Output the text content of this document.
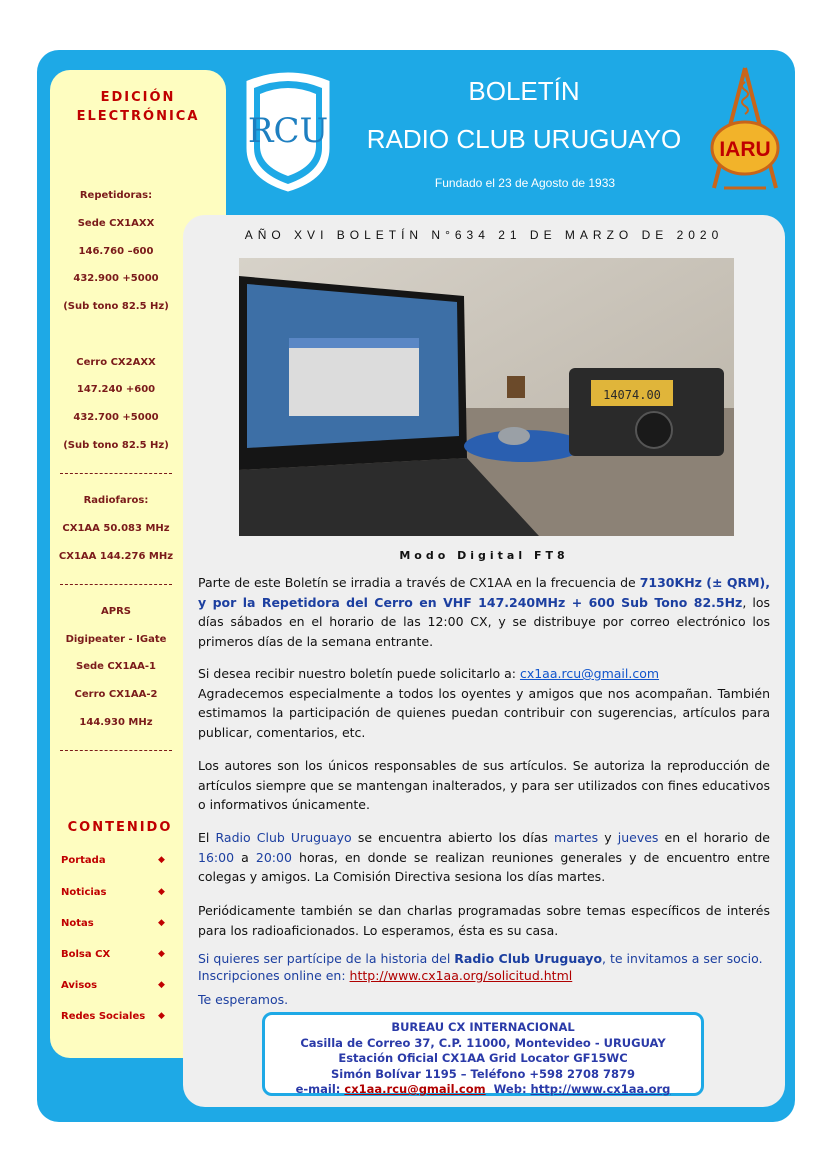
EDICIÓN
ELECTRÓNICA
Repetidoras:
Sede CX1AXX
146.760 –600
432.900 +5000
(Sub tono 82.5 Hz)
Cerro CX2AXX
147.240 +600
432.700 +5000
(Sub tono 82.5 Hz)
Radiofaros:
CX1AA 50.083 MHz
CX1AA 144.276 MHz
APRS
Digipeater - IGate
Sede CX1AA-1
Cerro CX1AA-2
144.930 MHz
CONTENIDO
Portada	◆
Noticias	◆
Notas	◆
Bolsa CX	◆
Avisos	◆
Redes Sociales ◆
RCU
BOLETÍN
RADIO CLUB URUGUAYO
Fundado el 23 de Agosto de 1933
IARU
AÑO XVI BOLETÍN N°634 21 DE MARZO DE 2020
14074.00
Modo Digital FT8
Parte de este Boletín se irradia a través de CX1AA en la frecuencia de 7130KHz (± QRM), y por la Repetidora del Cerro en VHF 147.240MHz + 600 Sub Tono 82.5Hz, los días sábados en el horario de las 12:00 CX, y se distribuye por correo electrónico los primeros días de la semana entrante.
Si desea recibir nuestro boletín puede solicitarlo a: cx1aa.rcu@gmail.com
Agradecemos especialmente a todos los oyentes y amigos que nos acompañan. También estimamos la participación de quienes puedan contribuir con sugerencias, artículos para publicar, comentarios, etc.
Los autores son los únicos responsables de sus artículos. Se autoriza la reproducción de artículos siempre que se mantengan inalterados, y para ser utilizados con fines educativos o informativos únicamente.
El Radio Club Uruguayo se encuentra abierto los días martes y jueves en el horario de 16:00 a 20:00 horas, en donde se realizan reuniones generales y de encuentro entre colegas y amigos. La Comisión Directiva sesiona los días martes.
Periódicamente también se dan charlas programadas sobre temas específicos de interés para los radioaficionados. Lo esperamos, ésta es su casa.
Si quieres ser partícipe de la historia del Radio Club Uruguayo, te invitamos a ser socio.
Inscripciones online en: http://www.cx1aa.org/solicitud.html
Te esperamos.
BUREAU CX INTERNACIONAL
Casilla de Correo 37, C.P. 11000, Montevideo - URUGUAY
Estación Oficial CX1AA Grid Locator GF15WC
Simón Bolívar 1195 – Teléfono +598 2708 7879
e-mail: cx1aa.rcu@gmail.com  Web: http://www.cx1aa.org
